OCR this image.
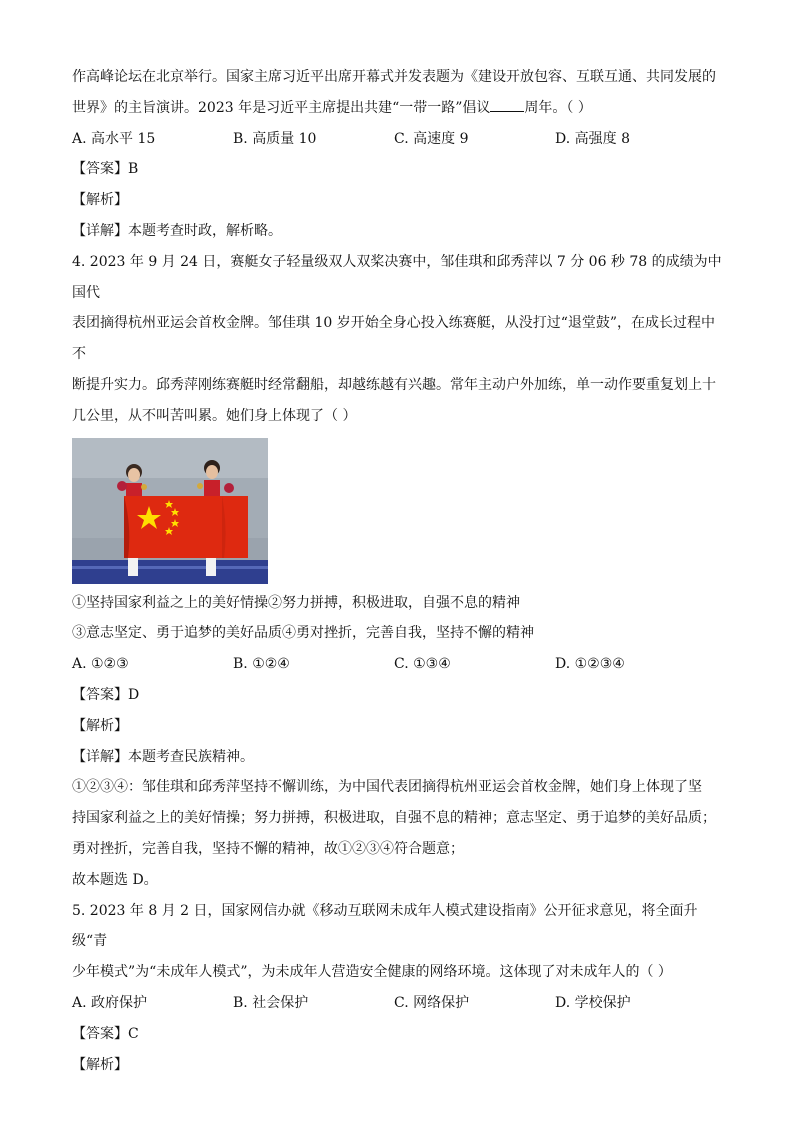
作高峰论坛在北京举行。国家主席习近平出席开幕式并发表题为《建设开放包容、互联互通、共同发展的

世界》的主旨演讲。2023 年是习近平主席提出共建“一带一路”倡议 周年。（ ）

A. 高水平 15	B. 高质量 10	C. 高速度 9	D. 高强度 8

【答案】B

【解析】

【详解】本题考查时政，解析略。

4. 2023 年 9 月 24 日，赛艇女子轻量级双人双桨决赛中，邹佳琪和邱秀萍以 7 分 06 秒 78 的成绩为中国代

表团摘得杭州亚运会首枚金牌。邹佳琪 10 岁开始全身心投入练赛艇，从没打过“退堂鼓”，在成长过程中不

断提升实力。邱秀萍刚练赛艇时经常翻船，却越练越有兴趣。常年主动户外加练，单一动作要重复划上十

几公里，从不叫苦叫累。她们身上体现了（ ）

①坚持国家利益之上的美好情操②努力拼搏，积极进取，自强不息的精神

③意志坚定、勇于追梦的美好品质④勇对挫折，完善自我，坚持不懈的精神

A. ①②③	B. ①②④	C. ①③④	D. ①②③④

【答案】D

【解析】

【详解】本题考查民族精神。

①②③④：邹佳琪和邱秀萍坚持不懈训练，为中国代表团摘得杭州亚运会首枚金牌，她们身上体现了坚

持国家利益之上的美好情操；努力拼搏，积极进取，自强不息的精神；意志坚定、勇于追梦的美好品质；

勇对挫折，完善自我，坚持不懈的精神，故①②③④符合题意；

故本题选 D。

5. 2023 年 8 月 2 日，国家网信办就《移动互联网未成年人模式建设指南》公开征求意见，将全面升级“青

少年模式”为“未成年人模式”，为未成年人营造安全健康的网络环境。这体现了对未成年人的（ ）

A. 政府保护	B. 社会保护	C. 网络保护	D. 学校保护

【答案】C

【解析】
